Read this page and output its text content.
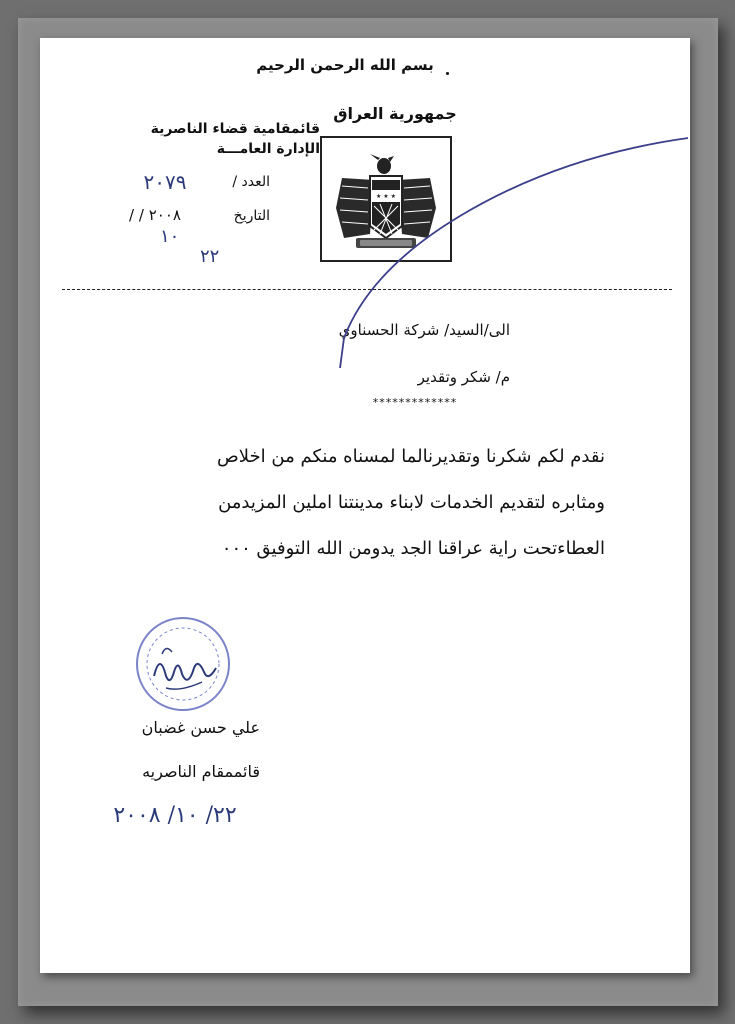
بسم الله الرحمن الرحيم
جمهورية العراق
قائمقامية قضاء الناصرية
الإدارة العامـــة
العدد /
٢٠٧٩
التاريخ
/ / ٢٠٠٨
١٠
٢٢
★ ★ ★
الى/السيد/ شركة الحسناوي
م/ شكر وتقدير
*************
نقدم لكم شكرنا وتقديرنالما لمسناه منكم من اخلاص
ومثابره لتقديم الخدمات لابناء مدينتنا املين المزيدمن
العطاءتحت راية عراقنا الجد يدومن الله التوفيق ٠٠٠
علي حسن غضبان
قائممقام الناصريه
٢٢/ ١٠/ ٢٠٠٨
